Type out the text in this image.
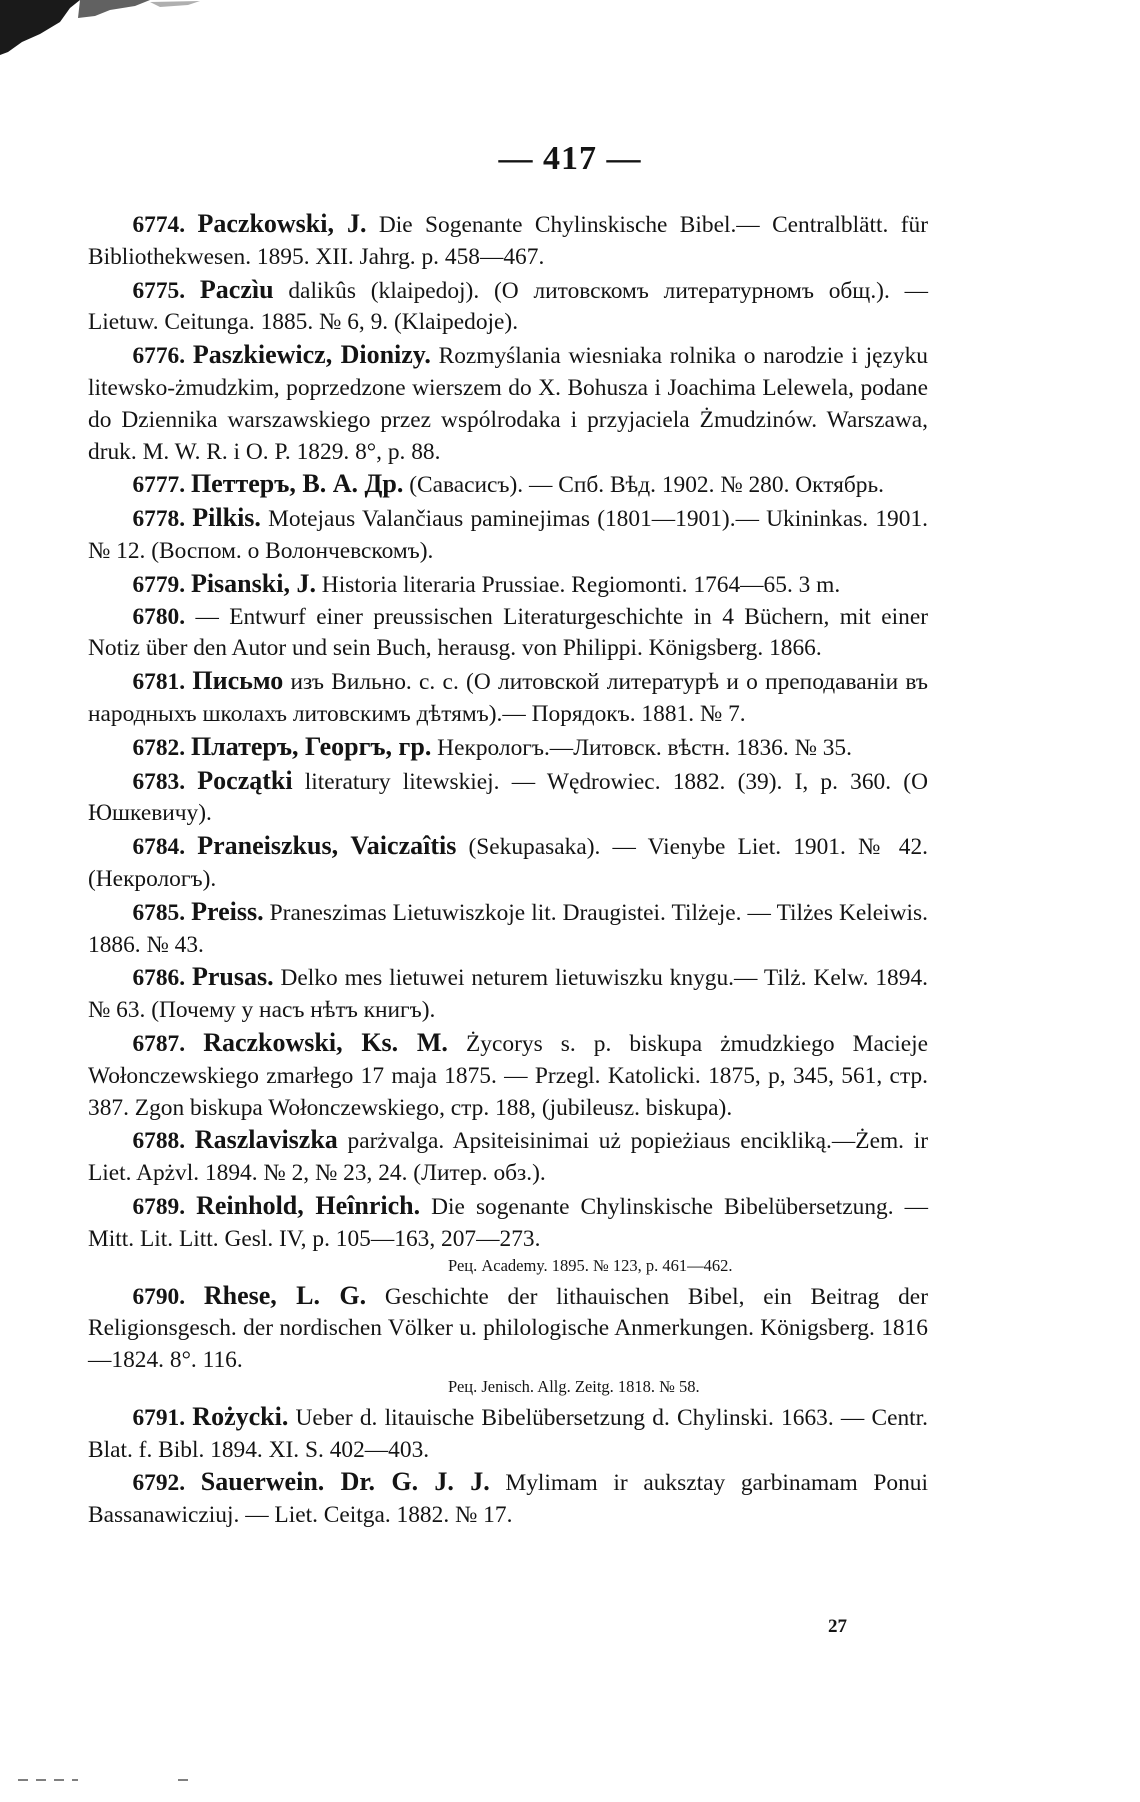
— 417 —

6774. Paczkowski, J. Die Sogenante Chylinskische Bibel.— Centralblätt. für Bibliothekwesen. 1895. XII. Jahrg. p. 458—467.

6775. Paczìu dalikûs (klaipedoj). (О литовскомъ литературномъ общ.). — Lietuw. Ceitunga. 1885. № 6, 9. (Klaipedoje).

6776. Paszkiewicz, Dionizy. Rozmyślania wiesniaka rolnika o narodzie i języku litewsko-żmudzkim, poprzedzone wierszem do X. Bohusza i Joachima Lelewela, podane do Dziennika warszawskiego przez wspólrodaka i przyjaciela Żmudzinów. Warszawa, druk. M. W. R. i O. P. 1829. 8°, p. 88.

6777. Петтеръ, В. А. Др. (Савасисъ). — Спб. Вѣд. 1902. № 280. Октябрь.

6778. Pilkis. Motejaus Valančiaus paminejimas (1801—1901).— Ukininkas. 1901. № 12. (Воспом. о Волончевскомъ).

6779. Pisanski, J. Historia literaria Prussiae. Regiomonti. 1764—65. 3 m.

6780. — Entwurf einer preussischen Literaturgeschichte in 4 Büchern, mit einer Notiz über den Autor und sein Buch, herausg. von Philippi. Königsberg. 1866.

6781. Письмо изъ Вильно. с. с. (О литовской литературѣ и о преподаваніи въ народныхъ школахъ литовскимъ дѣтямъ).— Порядокъ. 1881. № 7.

6782. Платеръ, Георгъ, гр. Некрологъ.—Литовск. вѣстн. 1836. № 35.

6783. Początki literatury litewskiej. — Wędrowiec. 1882. (39). I, p. 360. (О Юшкевичу).

6784. Praneiszkus, Vaiczaîtis (Sekupasaka). — Vienybe Liet. 1901. № 42. (Некрологъ).

6785. Preiss. Praneszimas Lietuwiszkoje lit. Draugistei. Tilżeje. — Tilżes Keleiwis. 1886. № 43.

6786. Prusas. Delko mes lietuwei neturem lietuwiszku knygu.— Tilż. Kelw. 1894. № 63. (Почему у насъ нѣтъ книгъ).

6787. Raczkowski, Ks. M. Życorys s. p. biskupa żmudzkiego Macieje Wołonczewskiego zmarłego 17 maja 1875. — Przegl. Katolicki. 1875, p, 345, 561, стр. 387. Zgon biskupa Wołonczewskiego, стр. 188, (jubileusz. biskupa).

6788. Raszlaviszka parżvalga. Apsiteisinimai uż popieżiaus encikliką.—Żem. ir Liet. Apżvl. 1894. № 2, № 23, 24. (Литер. обз.).

6789. Reinhold, Heînrich. Die sogenante Chylinskische Bibelübersetzung. — Mitt. Lit. Litt. Gesl. IV, p. 105—163, 207—273.

Рец. Academy. 1895. № 123, p. 461—462.

6790. Rhese, L. G. Geschichte der lithauischen Bibel, ein Beitrag der Religionsgesch. der nordischen Völker u. philologische Anmerkungen. Königsberg. 1816—1824. 8°. 116.

Рец. Jenisch. Allg. Zeitg. 1818. № 58.

6791. Rożycki. Ueber d. litauische Bibelübersetzung d. Chylinski. 1663. — Centr. Blat. f. Bibl. 1894. XI. S. 402—403.

6792. Sauerwein. Dr. G. J. J. Mylimam ir auksztay garbinamam Ponui Bassanawicziuj. — Liet. Ceitga. 1882. № 17.

27
